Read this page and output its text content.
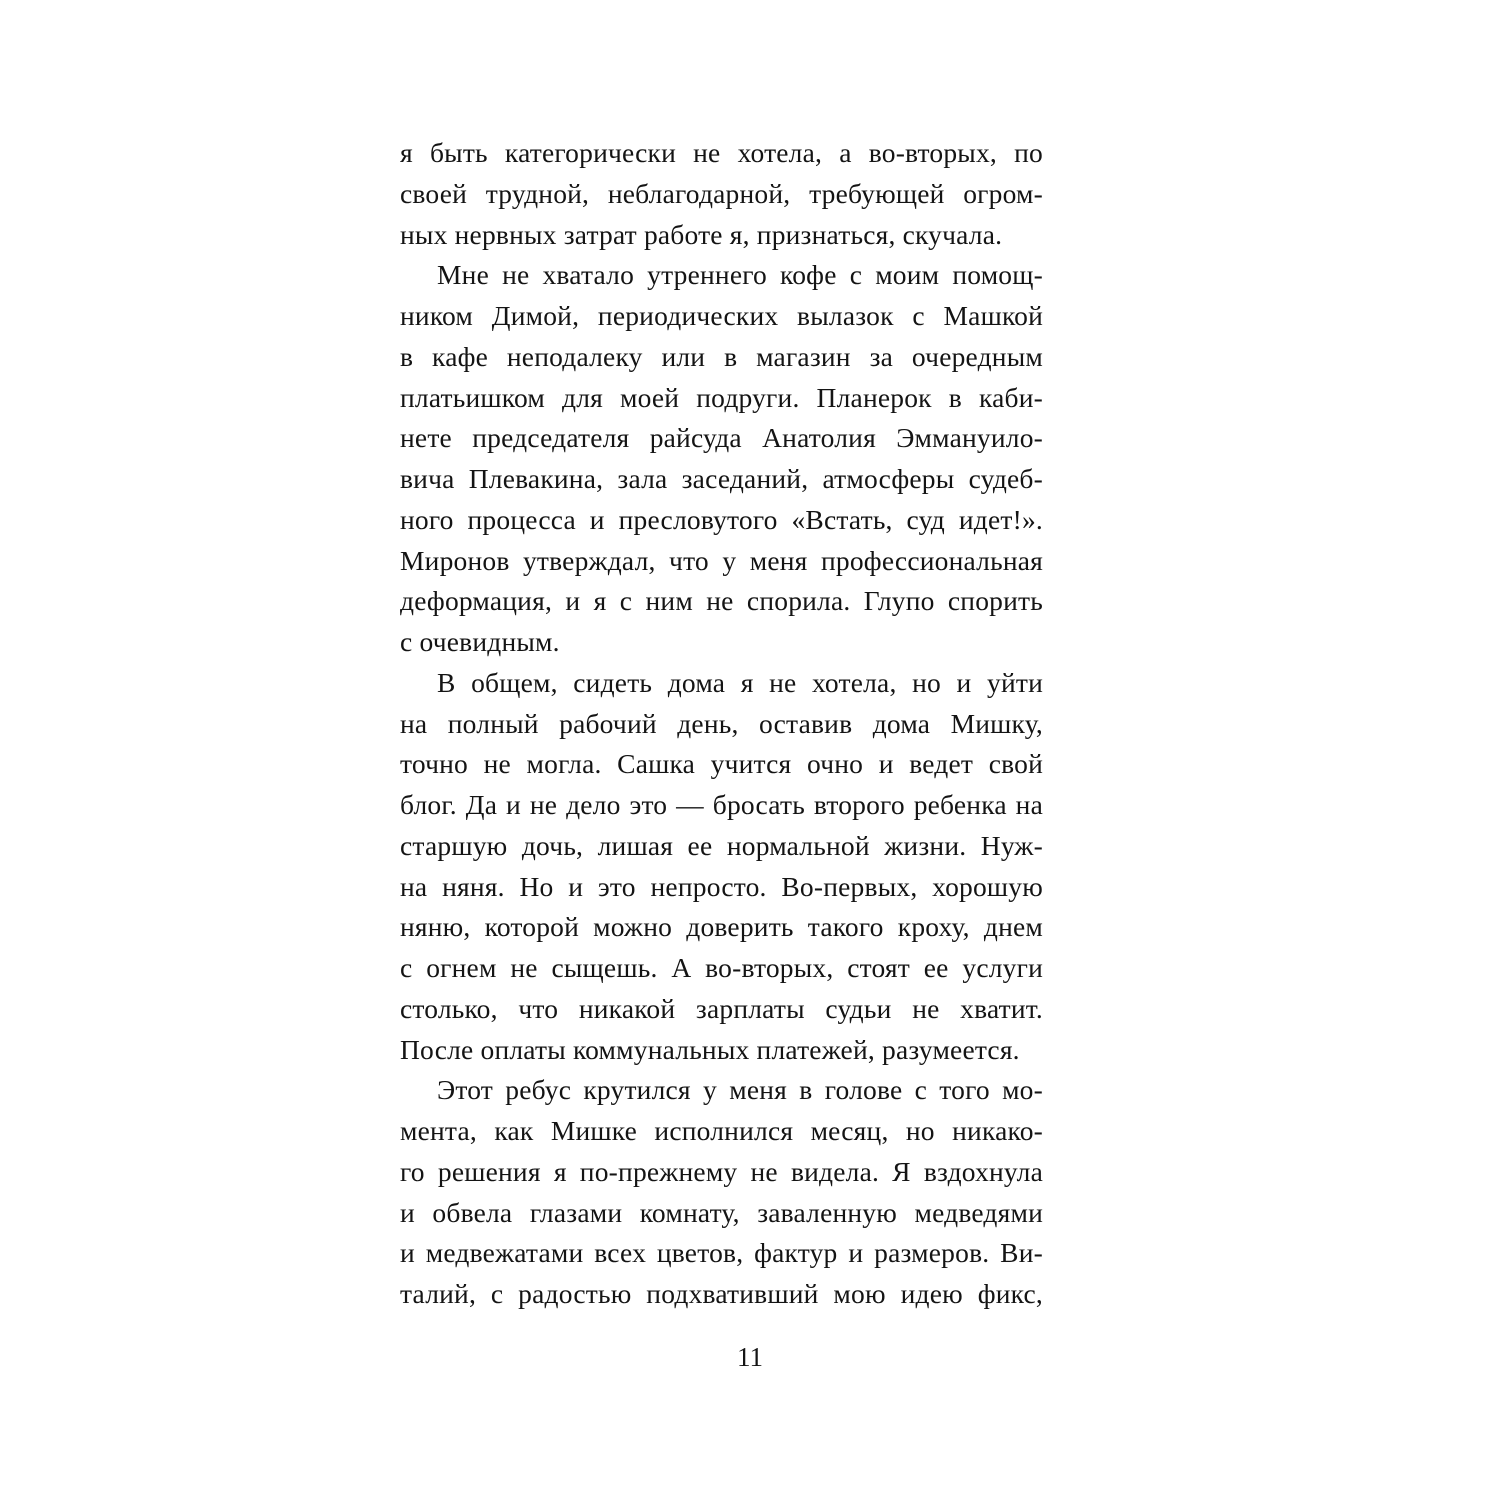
я быть категорически не хотела, а во-вторых, по
своей трудной, неблагодарной, требующей огром-
ных нервных затрат работе я, признаться, скучала.
Мне не хватало утреннего кофе с моим помощ-
ником Димой, периодических вылазок с Машкой
в кафе неподалеку или в магазин за очередным
платьишком для моей подруги. Планерок в каби-
нете председателя райсуда Анатолия Эммануило-
вича Плевакина, зала заседаний, атмосферы судеб-
ного процесса и пресловутого «Встать, суд идет!».
Миронов утверждал, что у меня профессиональная
деформация, и я с ним не спорила. Глупо спорить
с очевидным.
В общем, сидеть дома я не хотела, но и уйти
на полный рабочий день, оставив дома Мишку,
точно не могла. Сашка учится очно и ведет свой
блог. Да и не дело это — бросать второго ребенка на
старшую дочь, лишая ее нормальной жизни. Нуж-
на няня. Но и это непросто. Во-первых, хорошую
няню, которой можно доверить такого кроху, днем
с огнем не сыщешь. А во-вторых, стоят ее услуги
столько, что никакой зарплаты судьи не хватит.
После оплаты коммунальных платежей, разумеется.
Этот ребус крутился у меня в голове с того мо-
мента, как Мишке исполнился месяц, но никако-
го решения я по-прежнему не видела. Я вздохнула
и обвела глазами комнату, заваленную медведями
и медвежатами всех цветов, фактур и размеров. Ви-
талий, с радостью подхвативший мою идею фикс,
11
